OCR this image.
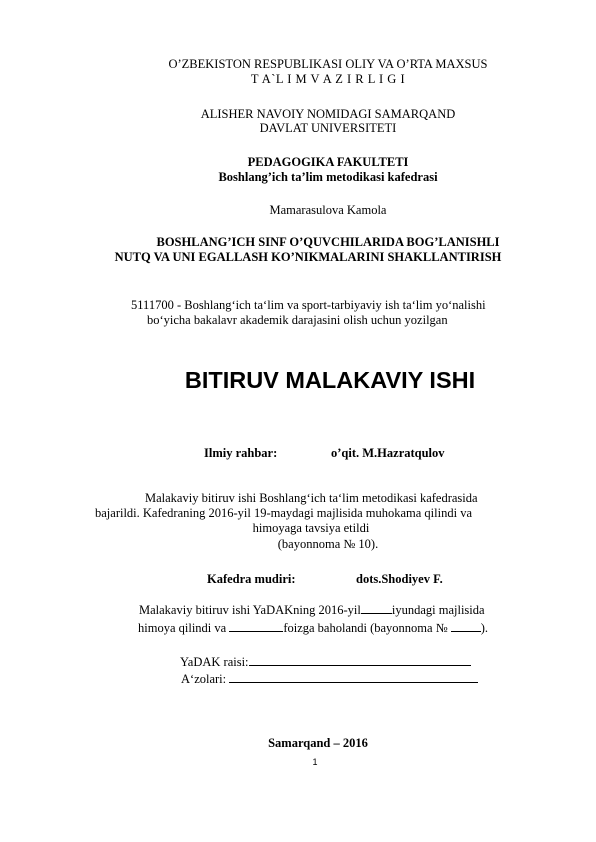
O’ZBEKISTON RESPUBLIKASI OLIY VA O’RTA MAXSUS
T A`L I M V A Z I R L I G I
ALISHER NAVOIY NOMIDAGI SAMARQAND
DAVLAT UNIVERSITETI
PEDAGOGIKA FAKULTETI
Boshlang’ich ta’lim metodikasi kafedrasi
Mamarasulova Kamola
BOSHLANG’ICH SINF O’QUVCHILARIDA BOG’LANISHLI
NUTQ VA UNI EGALLASH KO’NIKMALARINI SHAKLLANTIRISH
5111700 - Boshlang‘ich ta‘lim va sport-tarbiyaviy ish ta‘lim yo‘nalishi
bo‘yicha bakalavr akademik darajasini olish uchun yozilgan
BITIRUV MALAKAVIY ISHI
Ilmiy rahbar:	o’qit. M.Hazratqulov
Malakaviy bitiruv ishi Boshlang‘ich ta‘lim metodikasi kafedrasida
bajarildi. Kafedraning 2016-yil 19-maydagi majlisida muhokama qilindi va
himoyaga tavsiya etildi
(bayonnoma № 10).
Kafedra mudiri:	dots.Shodiyev F.
Malakaviy bitiruv ishi YaDAKning 2016-yil iyundagi majlisida
himoya qilindi va	foizga baholandi (bayonnoma № ).
YaDAK raisi:
A‘zolari:
Samarqand – 2016
1
